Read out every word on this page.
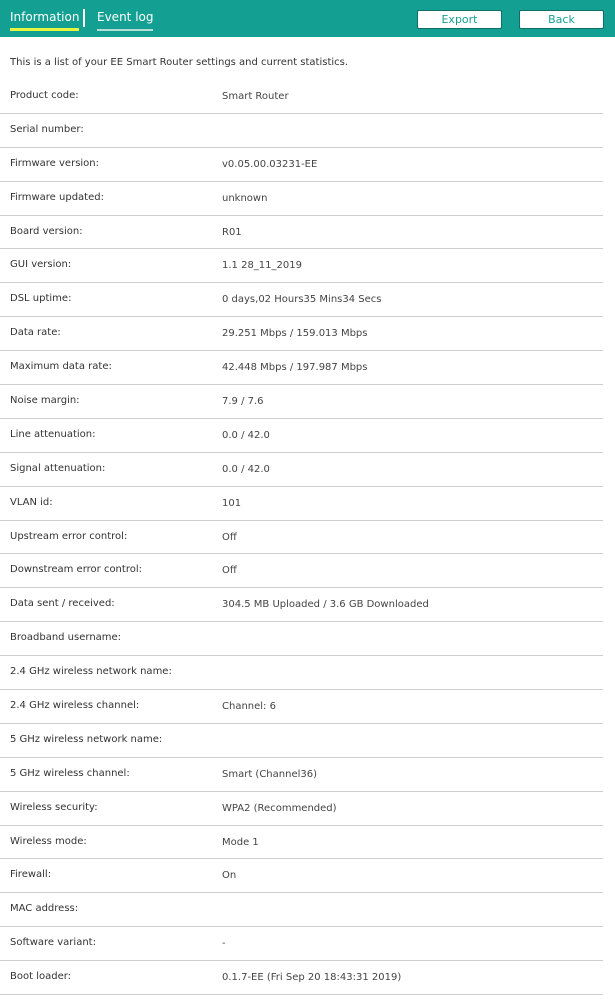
Information Event log	Export	Back
This is a list of your EE Smart Router settings and current statistics.
Product code:	Smart Router
Serial number:
Firmware version:	v0.05.00.03231-EE
Firmware updated:	unknown
Board version:	R01
GUI version:	1.1 28_11_2019
DSL uptime:	0 days,02 Hours35 Mins34 Secs
Data rate:	29.251 Mbps / 159.013 Mbps
Maximum data rate:	42.448 Mbps / 197.987 Mbps
Noise margin:	7.9 / 7.6
Line attenuation:	0.0 / 42.0
Signal attenuation:	0.0 / 42.0
VLAN id:	101
Upstream error control:	Off
Downstream error control:	Off
Data sent / received:	304.5 MB Uploaded / 3.6 GB Downloaded
Broadband username:
2.4 GHz wireless network name:
2.4 GHz wireless channel:	Channel: 6
5 GHz wireless network name:
5 GHz wireless channel:	Smart (Channel36)
Wireless security:	WPA2 (Recommended)
Wireless mode:	Mode 1
Firewall:	On
MAC address:
Software variant:	-
Boot loader:	0.1.7-EE (Fri Sep 20 18:43:31 2019)
